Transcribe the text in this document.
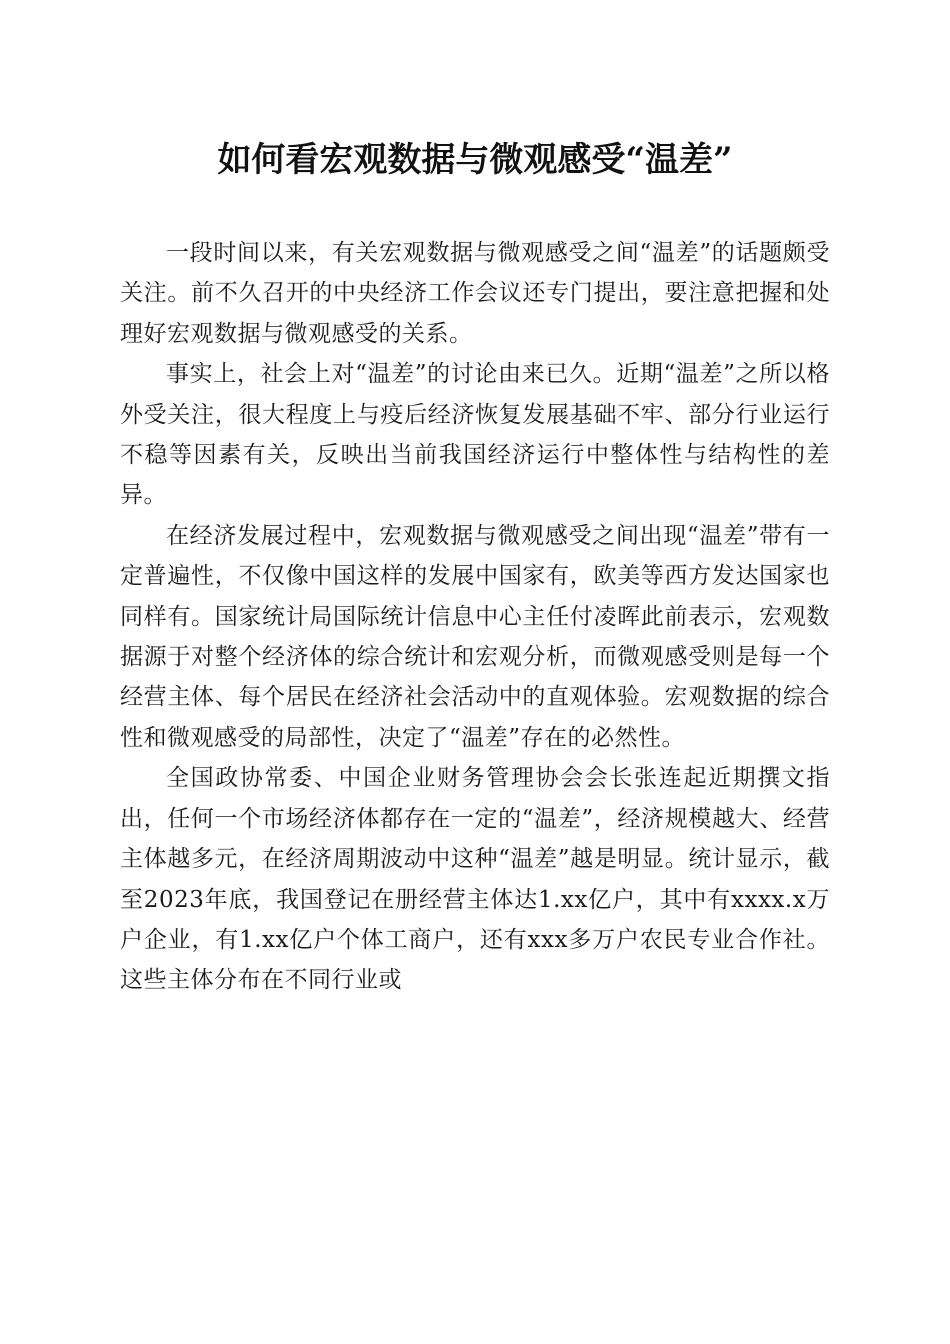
如何看宏观数据与微观感受“温差”

一段时间以来，有关宏观数据与微观感受之间“温差”的话题颇受关注。前不久召开的中央经济工作会议还专门提出，要注意把握和处理好宏观数据与微观感受的关系。

事实上，社会上对“温差”的讨论由来已久。近期“温差”之所以格外受关注，很大程度上与疫后经济恢复发展基础不牢、部分行业运行不稳等因素有关，反映出当前我国经济运行中整体性与结构性的差异。

在经济发展过程中，宏观数据与微观感受之间出现“温差”带有一定普遍性，不仅像中国这样的发展中国家有，欧美等西方发达国家也同样有。国家统计局国际统计信息中心主任付凌晖此前表示，宏观数据源于对整个经济体的综合统计和宏观分析，而微观感受则是每一个经营主体、每个居民在经济社会活动中的直观体验。宏观数据的综合性和微观感受的局部性，决定了“温差”存在的必然性。

全国政协常委、中国企业财务管理协会会长张连起近期撰文指出，任何一个市场经济体都存在一定的“温差”，经济规模越大、经营主体越多元，在经济周期波动中这种“温差”越是明显。统计显示，截至2023年底，我国登记在册经营主体达1.xx亿户，其中有xxxx.x万户企业，有1.xx亿户个体工商户，还有xxx多万户农民专业合作社。这些主体分布在不同行业或
